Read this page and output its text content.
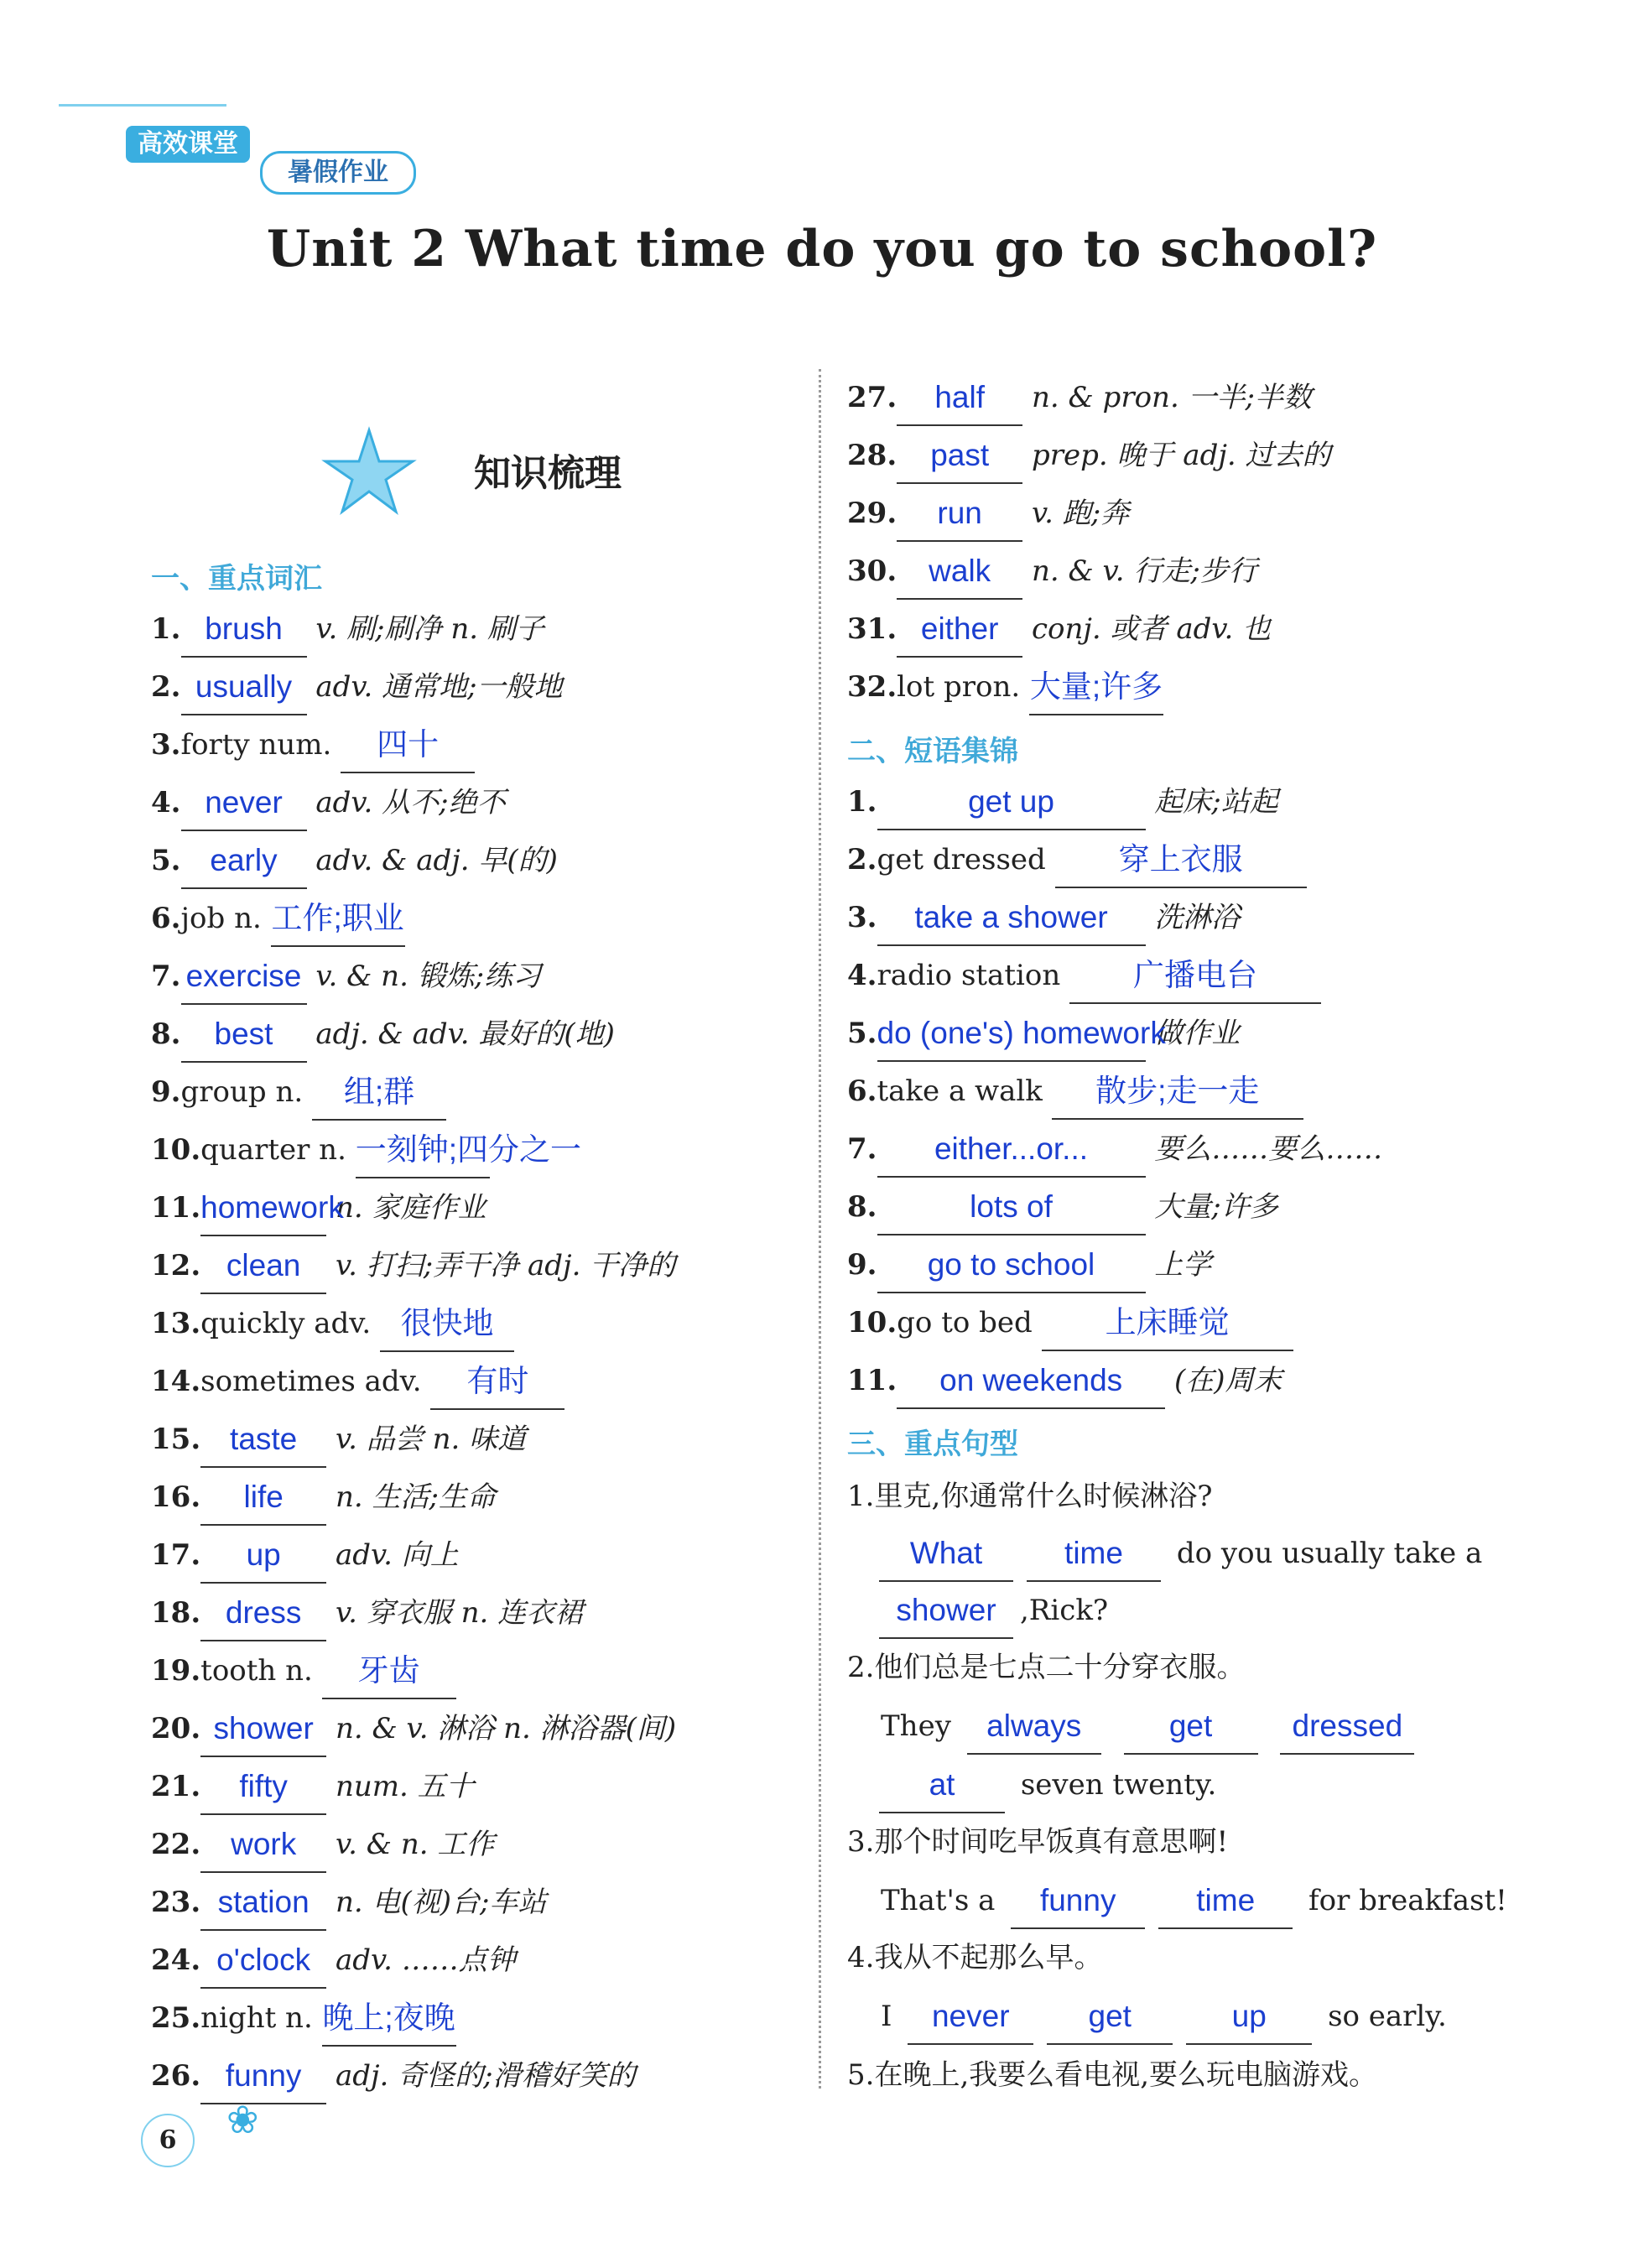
高效课堂
暑假作业
Unit 2 What time do you go to school?
知识梳理
一、重点词汇
1. brush	v. 刷;刷净 n. 刷子
2. usually adv. 通常地;一般地
3.forty num.	四十
4. never	adv. 从不;绝不
5. early	adv. & adj. 早(的)
6.job n. 工作;职业
7. exercise v. & n. 锻炼;练习
8.	best	adj. & adv. 最好的(地)
9.group n.	组;群
10.quarter n. 一刻钟;四分之一
11. homework
n. 家庭作业
12. clean	v. 打扫;弄干净 adj. 干净的
13.quickly adv. 很快地
14.sometimes adv.	有时
15. taste	v. 品尝 n. 味道
16.	life	n. 生活;生命
17.	up	adv. 向上
18. dress	v. 穿衣服 n. 连衣裙
19.tooth n.	牙齿
20. shower n. & v. 淋浴 n. 淋浴器(间)
21.	fifty	num. 五十
22. work	v. & n. 工作
23. station n. 电(视)台;车站
24. o'clock adv. ……点钟
25.night n. 晚上;夜晚
26. funny	adj. 奇怪的;滑稽好笑的
27.	half	n. & pron. 一半;半数
28.	past	prep. 晚于 adj. 过去的
29.	run	v. 跑;奔
30.	walk	n. & v. 行走;步行
31. either	conj. 或者 adv. 也
32.lot pron. 大量;许多
二、短语集锦
1.	get up	起床;站起
2.get dressed	穿上衣服
3.	take a shower	洗淋浴
4.radio station	广播电台
5. do (one's) homework
做作业
6.take a walk	散步;走一走
7.	either...or...	要么……要么……
8.	lots of	大量;许多
9.	go to school	上学
10.go to bed	上床睡觉
11.	on weekends	(在)周末
三、重点句型
1.里克,你通常什么时候淋浴?
What	time	do you usually take a
shower ,Rick?
2.他们总是七点二十分穿衣服。
They	always
	get
	dressed
at	seven twenty.
3.那个时间吃早饭真有意思啊!
That's a	funny	time	for breakfast!
4.我从不起那么早。
I	never	get	up	so early.
5.在晚上,我要么看电视,要么玩电脑游戏。
6	❀
